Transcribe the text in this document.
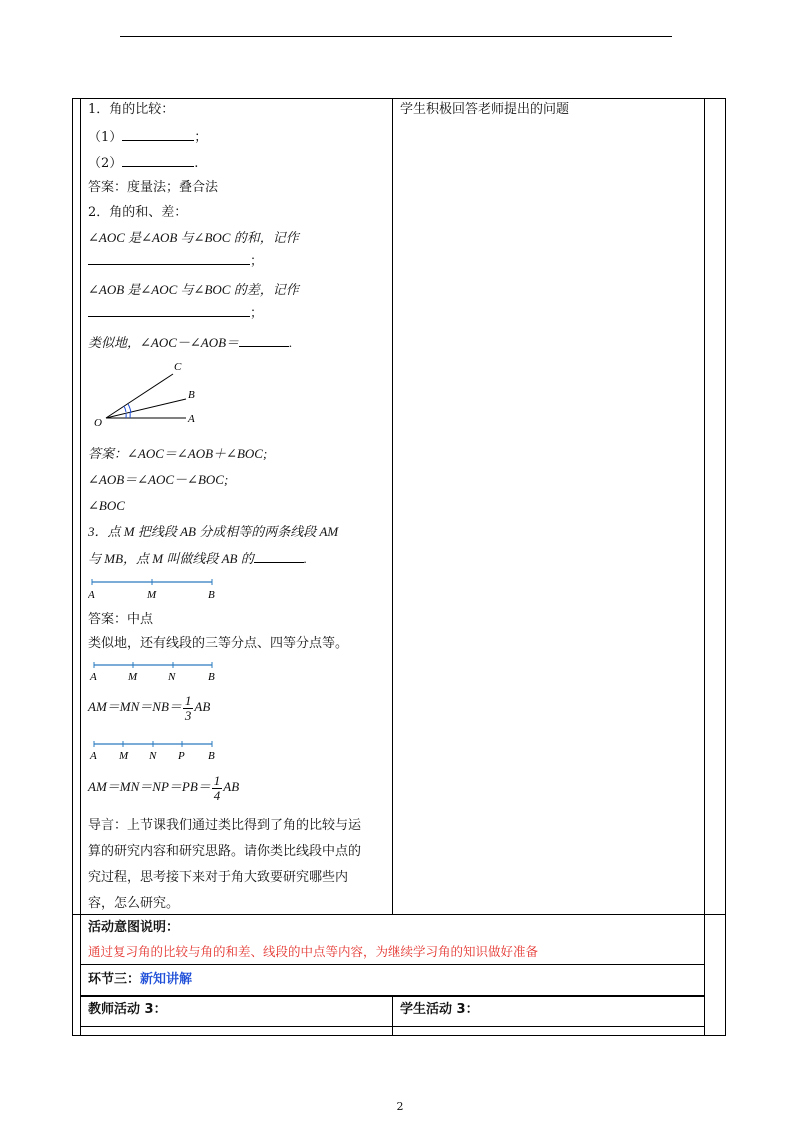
1．角的比较：
（1）	；
（2）	.
答案：度量法；叠合法
2．角的和、差：
∠AOC 是∠AOB 与∠BOC 的和，记作
；
∠AOB 是∠AOC 与∠BOC 的差，记作
；
类似地，∠AOC－∠AOB＝	.
C
B
A
O
答案：∠AOC＝∠AOB＋∠BOC;
∠AOB＝∠AOC－∠BOC;
∠BOC
3．点 M 把线段 AB 分成相等的两条线段 AM
与 MB，点 M 叫做线段 AB 的	.
A	M	B
答案：中点
类似地，还有线段的三等分点、四等分点等。
A	M	N	B
$AM=MN=NB= \frac{1}{3}$ AB
A M N P B
$AM=MN=NP=PB= \frac{1}{4}$ AB
导言：上节课我们通过类比得到了角的比较与运
算的研究内容和研究思路。请你类比线段中点的
究过程，思考接下来对于角大致要研究哪些内
容，怎么研究。
学生积极回答老师提出的问题
活动意图说明：
通过复习角的比较与角的和差、线段的中点等内容，为继续学习角的知识做好准备
环节三：新知讲解
教师活动 3：	学生活动 3：
2
